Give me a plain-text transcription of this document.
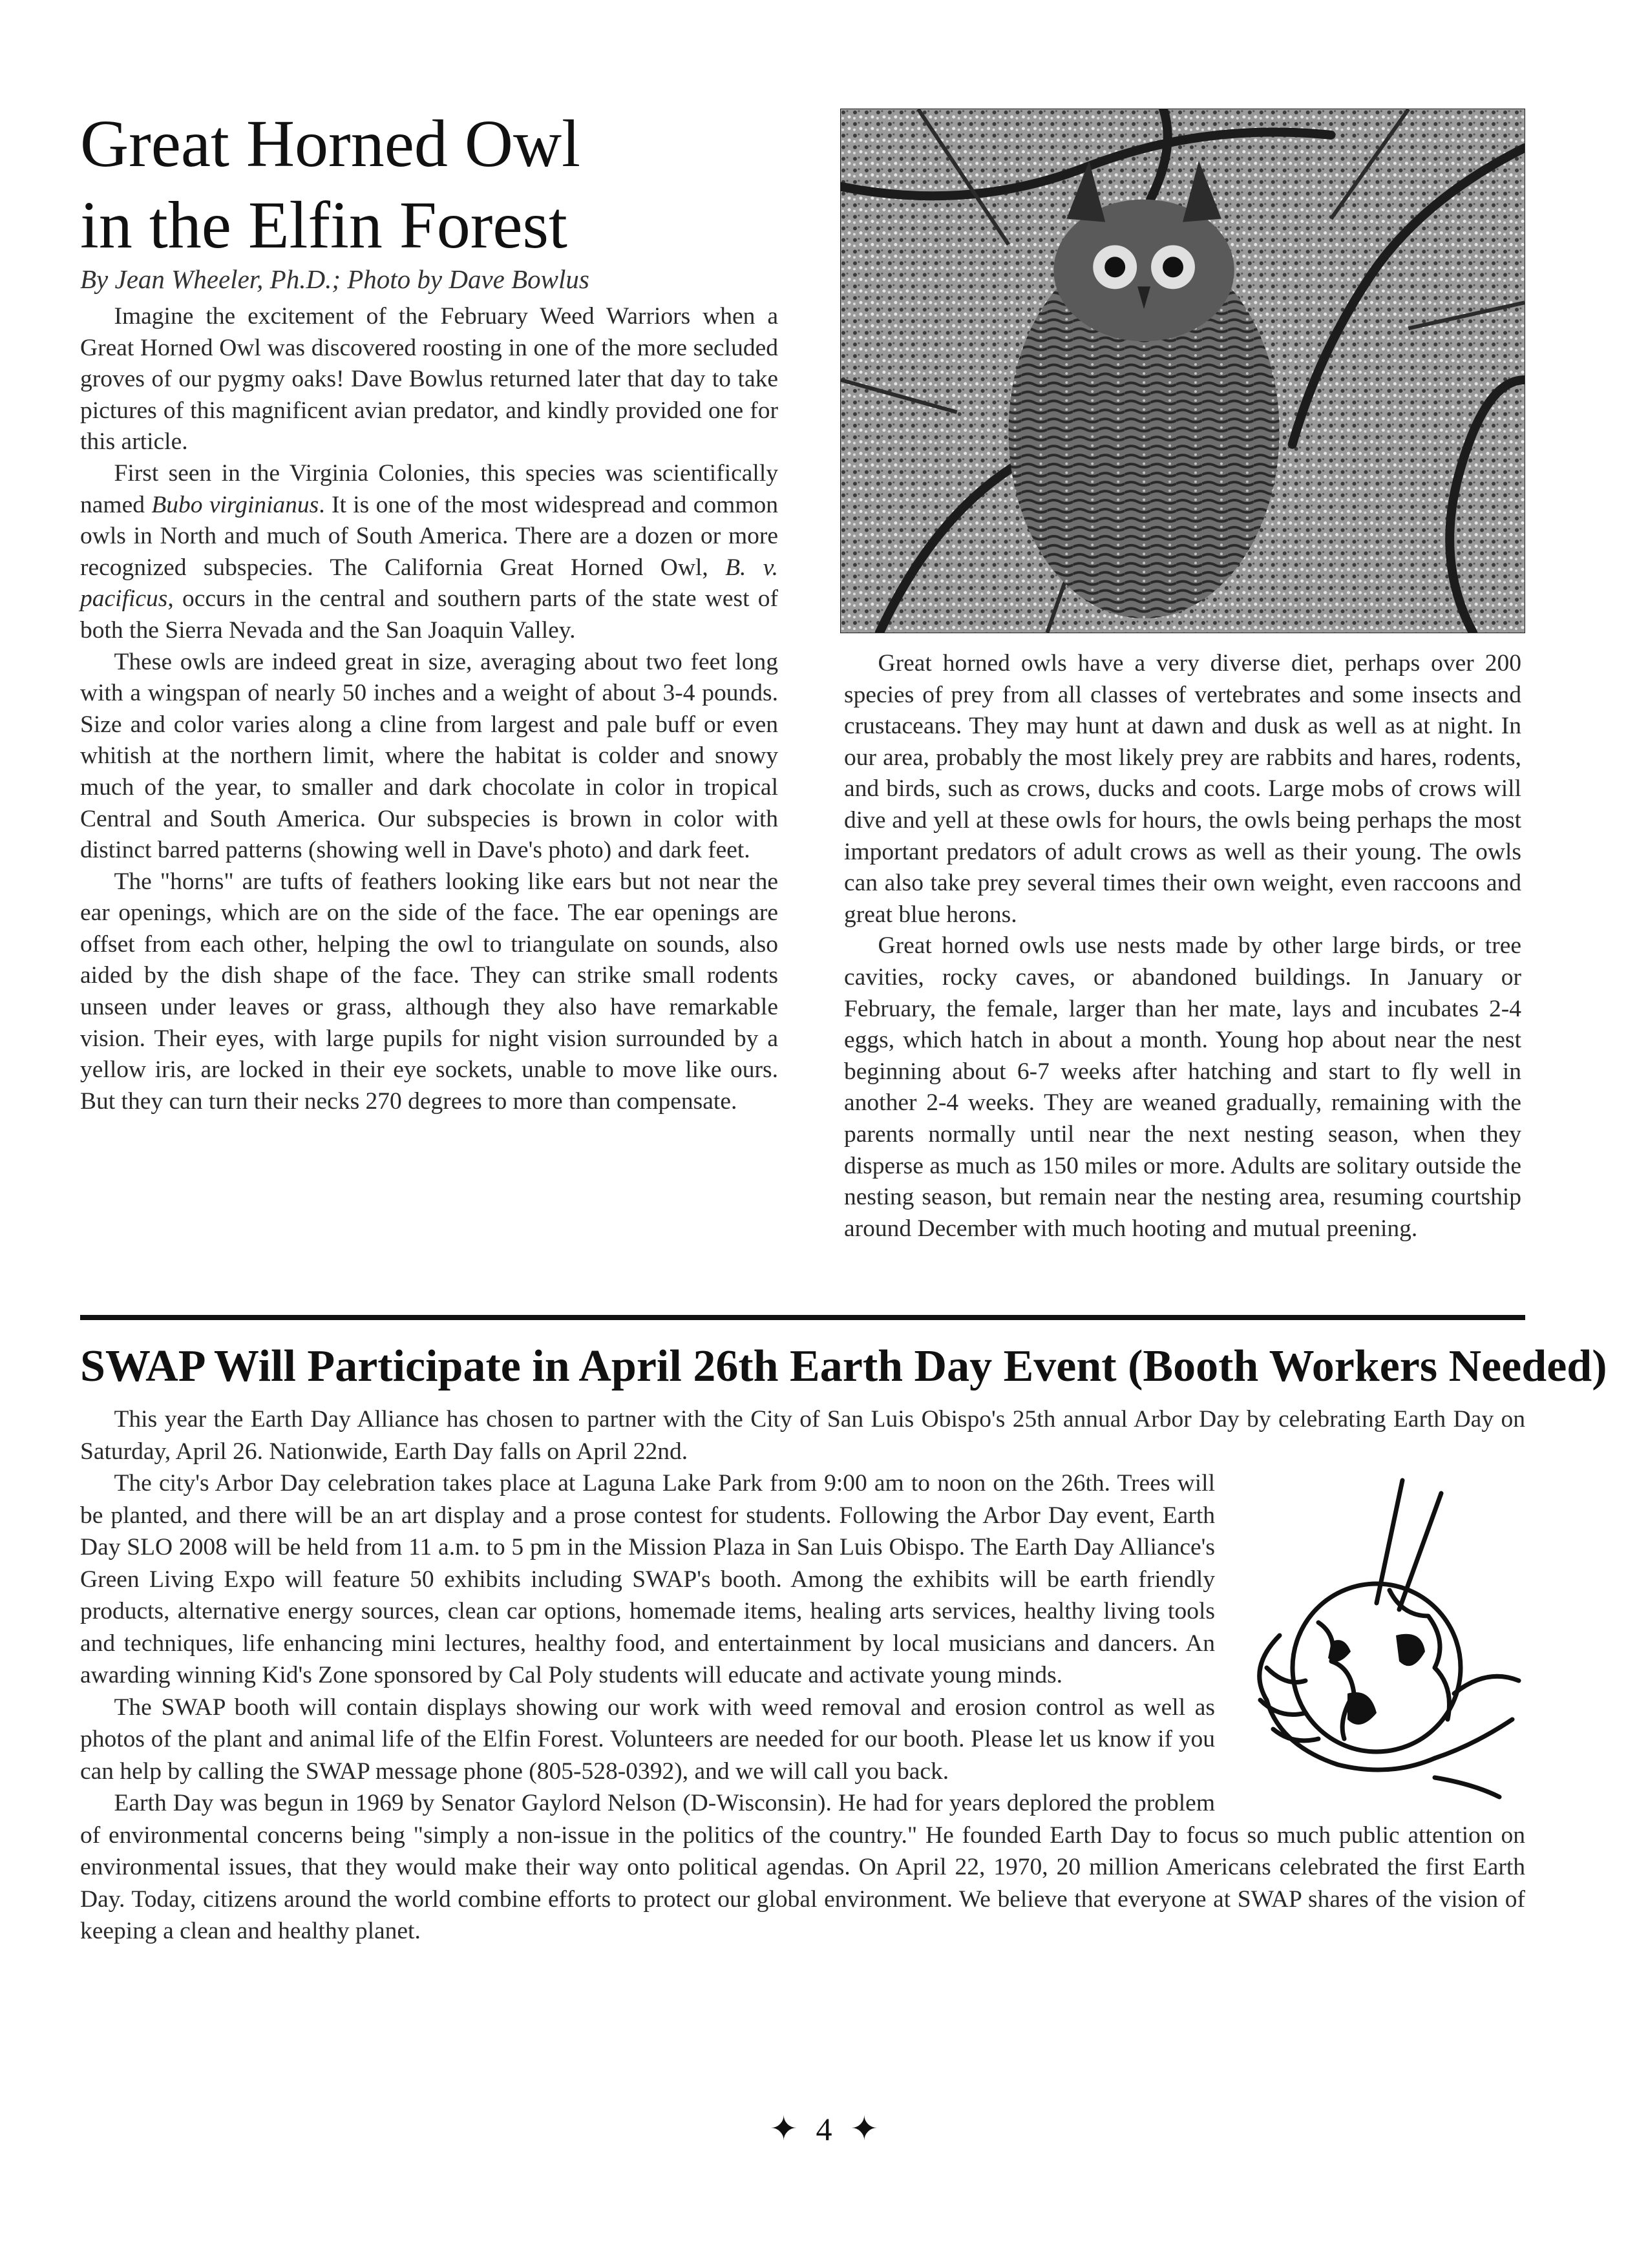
Great Horned Owl
in the Elfin Forest
By Jean Wheeler, Ph.D.; Photo by Dave Bowlus

Imagine the excitement of the February Weed Warriors when a Great Horned Owl was discovered roosting in one of the more secluded groves of our pygmy oaks! Dave Bowlus returned later that day to take pictures of this magnificent avian predator, and kindly provided one for this article.

First seen in the Virginia Colonies, this species was scientifically named Bubo virginianus. It is one of the most widespread and common owls in North and much of South America. There are a dozen or more recognized subspecies. The California Great Horned Owl, B. v. pacificus, occurs in the central and southern parts of the state west of both the Sierra Nevada and the San Joaquin Valley.

These owls are indeed great in size, averaging about two feet long with a wingspan of nearly 50 inches and a weight of about 3-4 pounds. Size and color varies along a cline from largest and pale buff or even whitish at the northern limit, where the habitat is colder and snowy much of the year, to smaller and dark chocolate in color in tropical Central and South America. Our subspecies is brown in color with distinct barred patterns (showing well in Dave's photo) and dark feet.

The "horns" are tufts of feathers looking like ears but not near the ear openings, which are on the side of the face. The ear openings are offset from each other, helping the owl to triangulate on sounds, also aided by the dish shape of the face. They can strike small rodents unseen under leaves or grass, although they also have remarkable vision. Their eyes, with large pupils for night vision surrounded by a yellow iris, are locked in their eye sockets, unable to move like ours. But they can turn their necks 270 degrees to more than compensate.

Great horned owls have a very diverse diet, perhaps over 200 species of prey from all classes of vertebrates and some insects and crustaceans. They may hunt at dawn and dusk as well as at night. In our area, probably the most likely prey are rabbits and hares, rodents, and birds, such as crows, ducks and coots. Large mobs of crows will dive and yell at these owls for hours, the owls being perhaps the most important predators of adult crows as well as their young. The owls can also take prey several times their own weight, even raccoons and great blue herons.

Great horned owls use nests made by other large birds, or tree cavities, rocky caves, or abandoned buildings. In January or February, the female, larger than her mate, lays and incubates 2-4 eggs, which hatch in about a month. Young hop about near the nest beginning about 6-7 weeks after hatching and start to fly well in another 2-4 weeks. They are weaned gradually, remaining with the parents normally until near the next nesting season, when they disperse as much as 150 miles or more. Adults are solitary outside the nesting season, but remain near the nesting area, resuming courtship around December with much hooting and mutual preening.

SWAP Will Participate in April 26th Earth Day Event (Booth Workers Needed)

This year the Earth Day Alliance has chosen to partner with the City of San Luis Obispo's 25th annual Arbor Day by celebrating Earth Day on Saturday, April 26. Nationwide, Earth Day falls on April 22nd.

The city's Arbor Day celebration takes place at Laguna Lake Park from 9:00 am to noon on the 26th. Trees will be planted, and there will be an art display and a prose contest for students. Following the Arbor Day event, Earth Day SLO 2008 will be held from 11 a.m. to 5 pm in the Mission Plaza in San Luis Obispo. The Earth Day Alliance's Green Living Expo will feature 50 exhibits including SWAP's booth. Among the exhibits will be earth friendly products, alternative energy sources, clean car options, homemade items, healing arts services, healthy living tools and techniques, life enhancing mini lectures, healthy food, and entertainment by local musicians and dancers. An awarding winning Kid's Zone sponsored by Cal Poly students will educate and activate young minds.

The SWAP booth will contain displays showing our work with weed removal and erosion control as well as photos of the plant and animal life of the Elfin Forest. Volunteers are needed for our booth. Please let us know if you can help by calling the SWAP message phone (805-528-0392), and we will call you back.

Earth Day was begun in 1969 by Senator Gaylord Nelson (D-Wisconsin). He had for years deplored the problem of environmental concerns being "simply a non-issue in the politics of the country." He founded Earth Day to focus so much public attention on environmental issues, that they would make their way onto political agendas. On April 22, 1970, 20 million Americans celebrated the first Earth Day. Today, citizens around the world combine efforts to protect our global environment. We believe that everyone at SWAP shares of the vision of keeping a clean and healthy planet.

✦ 4 ✦
